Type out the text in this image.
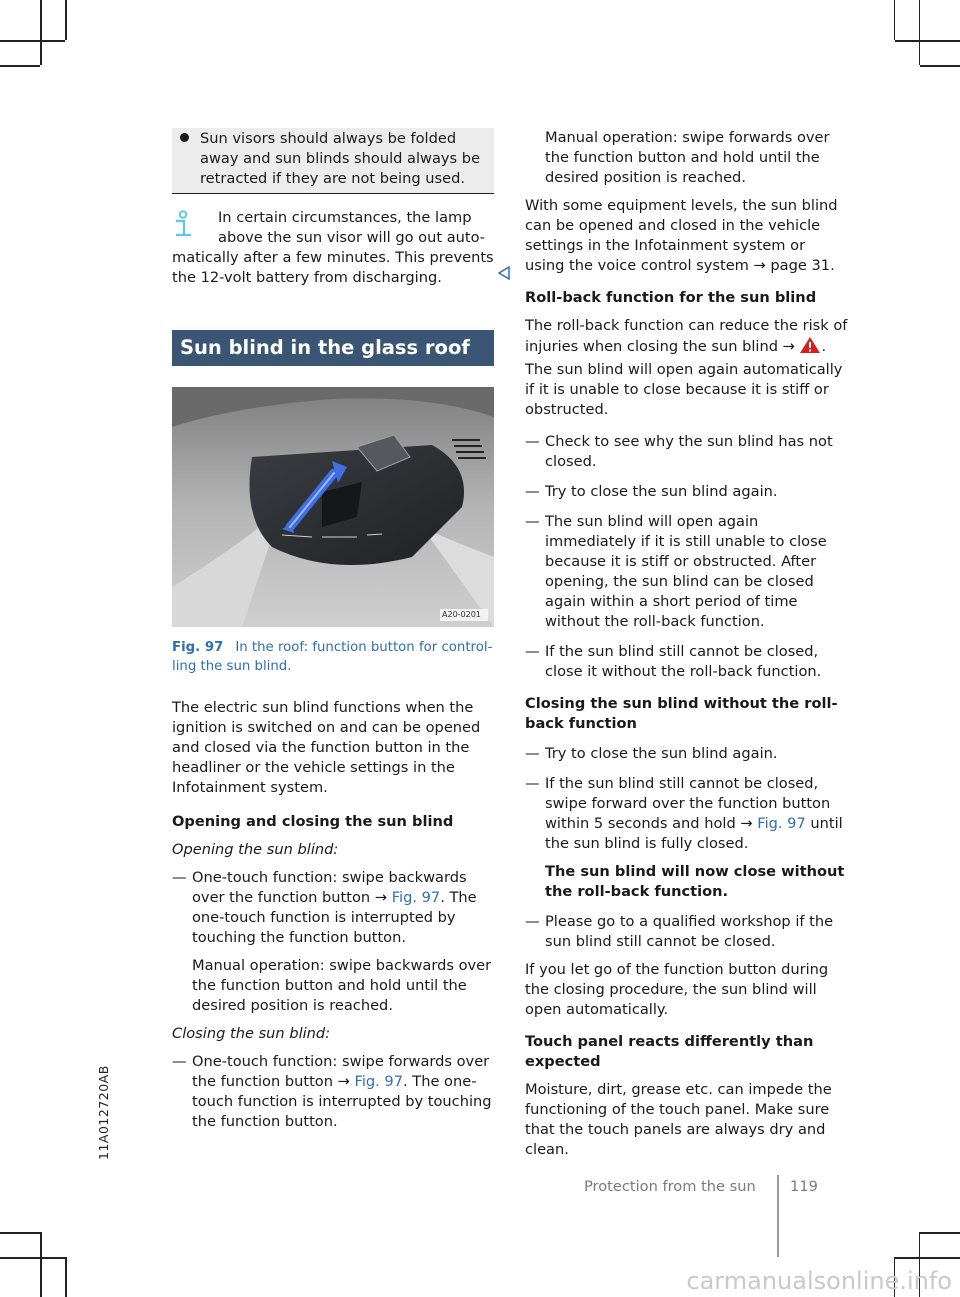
Sun visors should always be folded away and sun blinds should always be retracted if they are not being used.

In certain circumstances, the lamp above the sun visor will go out auto-

matically after a few minutes. This prevents the 12-volt battery from discharging.

Sun blind in the glass roof
A20-0201
Fig. 97 In the roof: function button for controlling the sun blind.

The electric sun blind functions when the ignition is switched on and can be opened and closed via the function button in the headliner or the vehicle settings in the Infotainment system.

Opening and closing the sun blind

Opening the sun blind:

— One-touch function: swipe backwards over the function button → Fig. 97. The one-touch function is interrupted by touching the function button.

Manual operation: swipe backwards over the function button and hold until the desired position is reached.

Closing the sun blind:

— One-touch function: swipe forwards over the function button → Fig. 97. The one-touch function is interrupted by touching the function button.

Manual operation: swipe forwards over the function button and hold until the desired position is reached.

With some equipment levels, the sun blind can be opened and closed in the vehicle settings in the Infotainment system or using the voice control system → page 31.

Roll-back function for the sun blind

The roll-back function can reduce the risk of injuries when closing the sun blind → . The sun blind will open again automatically if it is unable to close because it is stiff or obstructed.

— Check to see why the sun blind has not closed.

— Try to close the sun blind again.

— The sun blind will open again immediately if it is still unable to close because it is stiff or obstructed. After opening, the sun blind can be closed again within a short period of time without the roll-back function.

— If the sun blind still cannot be closed, close it without the roll-back function.

Closing the sun blind without the roll-back function

— Try to close the sun blind again.

— If the sun blind still cannot be closed, swipe forward over the function button within 5 seconds and hold → Fig. 97 until the sun blind is fully closed.

The sun blind will now close without the roll-back function.

— Please go to a qualified workshop if the sun blind still cannot be closed.

If you let go of the function button during the closing procedure, the sun blind will open automatically.

Touch panel reacts differently than expected

Moisture, dirt, grease etc. can impede the functioning of the touch panel. Make sure that the touch panels are always dry and clean.

11A012720AB
Protection from the sun 119
carmanualsonline.info
